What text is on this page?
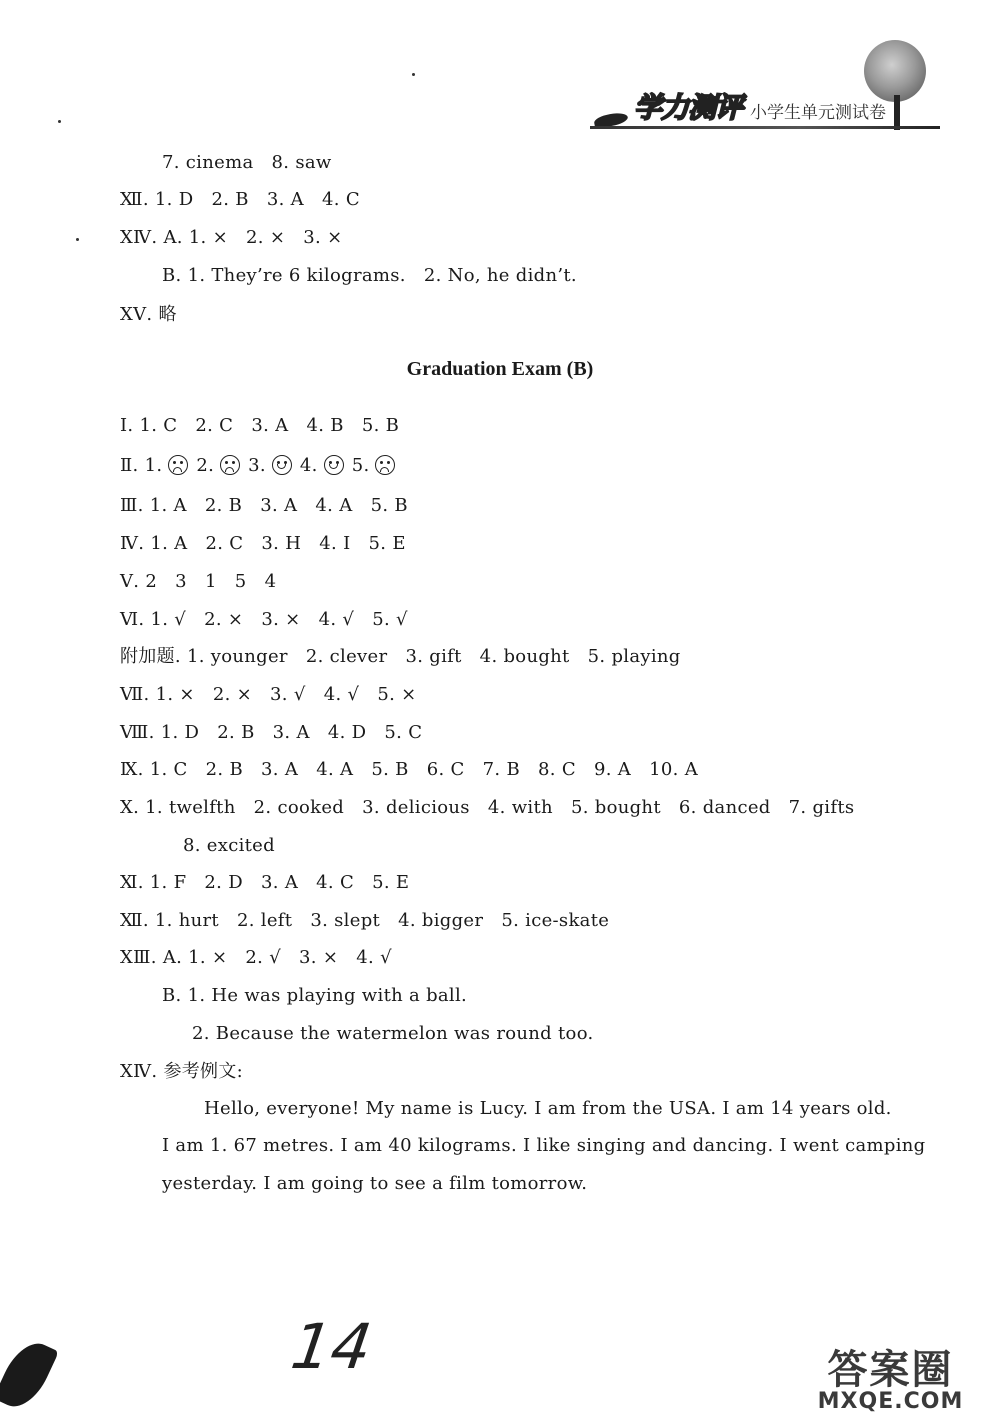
学力测评 小学生单元测试卷
7. cinema   8. saw
Ⅻ. 1. D   2. B   3. A   4. C
ⅩⅣ. A. 1. ×   2. ×   3. ×
B. 1. They’re 6 kilograms.   2. No, he didn’t.
ⅩⅤ. 略
Graduation Exam (B)
Ⅰ. 1. C   2. C   3. A   4. B   5. B
Ⅱ. 1. 2. 3. 4. 5.
Ⅲ. 1. A   2. B   3. A   4. A   5. B
Ⅳ. 1. A   2. C   3. H   4. I   5. E
Ⅴ. 2   3   1   5   4
Ⅵ. 1. √   2. ×   3. ×   4. √   5. √
附加题. 1. younger   2. clever   3. gift   4. bought   5. playing
Ⅶ. 1. ×   2. ×   3. √   4. √   5. ×
Ⅷ. 1. D   2. B   3. A   4. D   5. C
Ⅸ. 1. C   2. B   3. A   4. A   5. B   6. C   7. B   8. C   9. A   10. A
Ⅹ. 1. twelfth   2. cooked   3. delicious   4. with   5. bought   6. danced   7. gifts
8. excited
Ⅺ. 1. F   2. D   3. A   4. C   5. E
Ⅻ. 1. hurt   2. left   3. slept   4. bigger   5. ice-skate
ⅩⅢ. A. 1. ×   2. √   3. ×   4. √
B. 1. He was playing with a ball.
2. Because the watermelon was round too.
ⅩⅣ. 参考例文:
Hello, everyone! My name is Lucy. I am from the USA. I am 14 years old.
I am 1. 67 metres. I am 40 kilograms. I like singing and dancing. I went camping
yesterday. I am going to see a film tomorrow.
14	答案圈
MXQE.COM
